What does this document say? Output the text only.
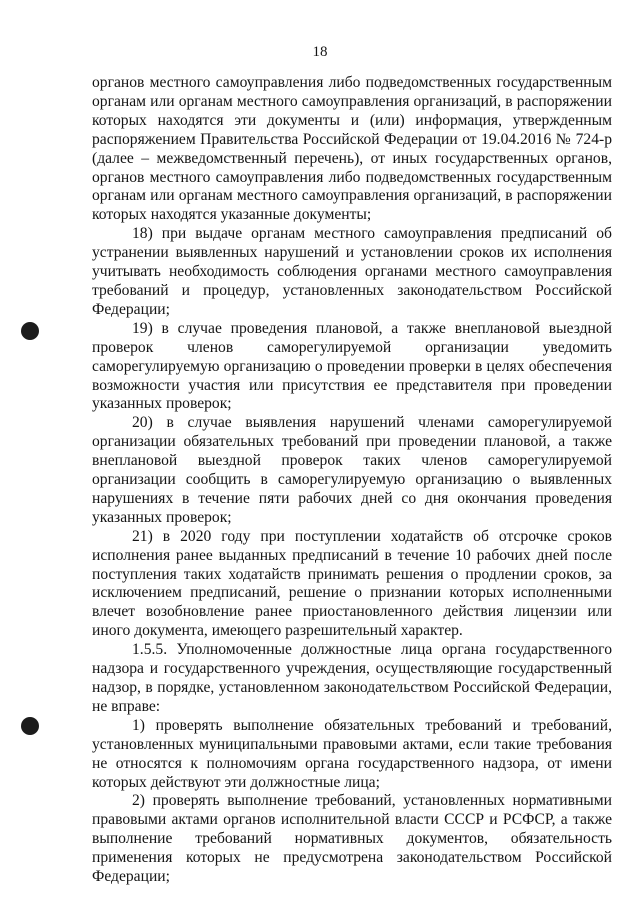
18

органов местного самоуправления либо подведомственных государственным органам или органам местного самоуправления организаций, в распоряжении которых находятся эти документы и (или) информация, утвержденным распоряжением Правительства Российской Федерации от 19.04.2016 № 724-р (далее – межведомственный перечень), от иных государственных органов, органов местного самоуправления либо подведомственных государственным органам или органам местного самоуправления организаций, в распоряжении которых находятся указанные документы;

18) при выдаче органам местного самоуправления предписаний об устранении выявленных нарушений и установлении сроков их исполнения учитывать необходимость соблюдения органами местного самоуправления требований и процедур, установленных законодательством Российской Федерации;

19) в случае проведения плановой, а также внеплановой выездной проверок членов саморегулируемой организации уведомить саморегулируемую организацию о проведении проверки в целях обеспечения возможности участия или присутствия ее представителя при проведении указанных проверок;

20) в случае выявления нарушений членами саморегулируемой организации обязательных требований при проведении плановой, а также внеплановой выездной проверок таких членов саморегулируемой организации сообщить в саморегулируемую организацию о выявленных нарушениях в течение пяти рабочих дней со дня окончания проведения указанных проверок;

21) в 2020 году при поступлении ходатайств об отсрочке сроков исполнения ранее выданных предписаний в течение 10 рабочих дней после поступления таких ходатайств принимать решения о продлении сроков, за исключением предписаний, решение о признании которых исполненными влечет возобновление ранее приостановленного действия лицензии или иного документа, имеющего разрешительный характер.

1.5.5. Уполномоченные должностные лица органа государственного надзора и государственного учреждения, осуществляющие государственный надзор, в порядке, установленном законодательством Российской Федерации, не вправе:

1) проверять выполнение обязательных требований и требований, установленных муниципальными правовыми актами, если такие требования не относятся к полномочиям органа государственного надзора, от имени которых действуют эти должностные лица;

2) проверять выполнение требований, установленных нормативными правовыми актами органов исполнительной власти СССР и РСФСР, а также выполнение требований нормативных документов, обязательность применения которых не предусмотрена законодательством Российской Федерации;
